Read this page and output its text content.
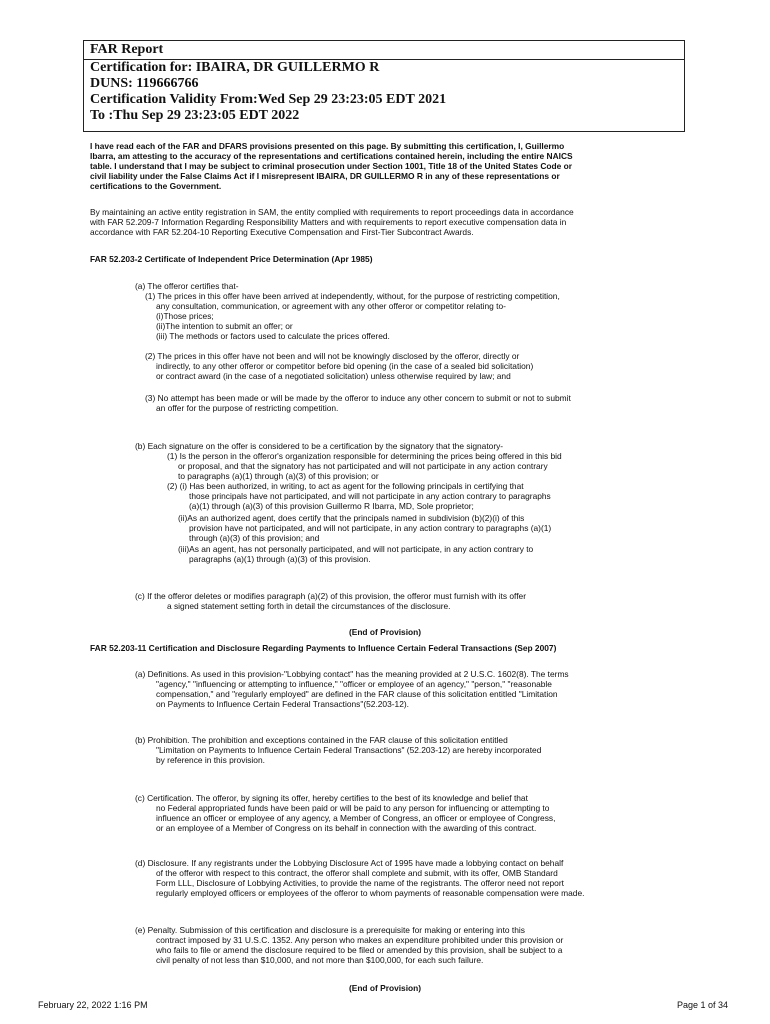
FAR Report
Certification for: IBAIRA, DR GUILLERMO R
DUNS: 119666766
Certification Validity From:Wed Sep 29 23:23:05 EDT 2021
To :Thu Sep 29 23:23:05 EDT 2022
I have read each of the FAR and DFARS provisions presented on this page. By submitting this certification, I, Guillermo
Ibarra, am attesting to the accuracy of the representations and certifications contained herein, including the entire NAICS
table. I understand that I may be subject to criminal prosecution under Section 1001, Title 18 of the United States Code or
civil liability under the False Claims Act if I misrepresent IBAIRA, DR GUILLERMO R in any of these representations or
certifications to the Government.
By maintaining an active entity registration in SAM, the entity complied with requirements to report proceedings data in accordance
with FAR 52.209-7 Information Regarding Responsibility Matters and with requirements to report executive compensation data in
accordance with FAR 52.204-10 Reporting Executive Compensation and First-Tier Subcontract Awards.
FAR 52.203-2 Certificate of Independent Price Determination (Apr 1985)
(a) The offeror certifies that-
(1) The prices in this offer have been arrived at independently, without, for the purpose of restricting competition,
any consultation, communication, or agreement with any other offeror or competitor relating to-
(i)Those prices;
(ii)The intention to submit an offer; or
(iii) The methods or factors used to calculate the prices offered.
(2) The prices in this offer have not been and will not be knowingly disclosed by the offeror, directly or
indirectly, to any other offeror or competitor before bid opening (in the case of a sealed bid solicitation)
or contract award (in the case of a negotiated solicitation) unless otherwise required by law; and
(3) No attempt has been made or will be made by the offeror to induce any other concern to submit or not to submit
an offer for the purpose of restricting competition.
(b) Each signature on the offer is considered to be a certification by the signatory that the signatory-
(1) Is the person in the offeror's organization responsible for determining the prices being offered in this bid
or proposal, and that the signatory has not participated and will not participate in any action contrary
to paragraphs (a)(1) through (a)(3) of this provision; or
(2) (i) Has been authorized, in writing, to act as agent for the following principals in certifying that
those principals have not participated, and will not participate in any action contrary to paragraphs
(a)(1) through (a)(3) of this provision Guillermo R Ibarra, MD, Sole proprietor;
(ii)As an authorized agent, does certify that the principals named in subdivision (b)(2)(i) of this
provision have not participated, and will not participate, in any action contrary to paragraphs (a)(1)
through (a)(3) of this provision; and
(iii)As an agent, has not personally participated, and will not participate, in any action contrary to
paragraphs (a)(1) through (a)(3) of this provision.
(c) If the offeror deletes or modifies paragraph (a)(2) of this provision, the offeror must furnish with its offer
a signed statement setting forth in detail the circumstances of the disclosure.
(End of Provision)
FAR 52.203-11 Certification and Disclosure Regarding Payments to Influence Certain Federal Transactions (Sep 2007)
(a) Definitions. As used in this provision-"Lobbying contact" has the meaning provided at 2 U.S.C. 1602(8). The terms
"agency," "influencing or attempting to influence," "officer or employee of an agency," "person," "reasonable
compensation," and "regularly employed" are defined in the FAR clause of this solicitation entitled "Limitation
on Payments to Influence Certain Federal Transactions"(52.203-12).
(b) Prohibition. The prohibition and exceptions contained in the FAR clause of this solicitation entitled
"Limitation on Payments to Influence Certain Federal Transactions" (52.203-12) are hereby incorporated
by reference in this provision.
(c) Certification. The offeror, by signing its offer, hereby certifies to the best of its knowledge and belief that
no Federal appropriated funds have been paid or will be paid to any person for influencing or attempting to
influence an officer or employee of any agency, a Member of Congress, an officer or employee of Congress,
or an employee of a Member of Congress on its behalf in connection with the awarding of this contract.
(d) Disclosure. If any registrants under the Lobbying Disclosure Act of 1995 have made a lobbying contact on behalf
of the offeror with respect to this contract, the offeror shall complete and submit, with its offer, OMB Standard
Form LLL, Disclosure of Lobbying Activities, to provide the name of the registrants. The offeror need not report
regularly employed officers or employees of the offeror to whom payments of reasonable compensation were made.
(e) Penalty. Submission of this certification and disclosure is a prerequisite for making or entering into this
contract imposed by 31 U.S.C. 1352. Any person who makes an expenditure prohibited under this provision or
who fails to file or amend the disclosure required to be filed or amended by this provision, shall be subject to a
civil penalty of not less than $10,000, and not more than $100,000, for each such failure.
(End of Provision)
February 22, 2022 1:16 PM	Page 1 of 34
